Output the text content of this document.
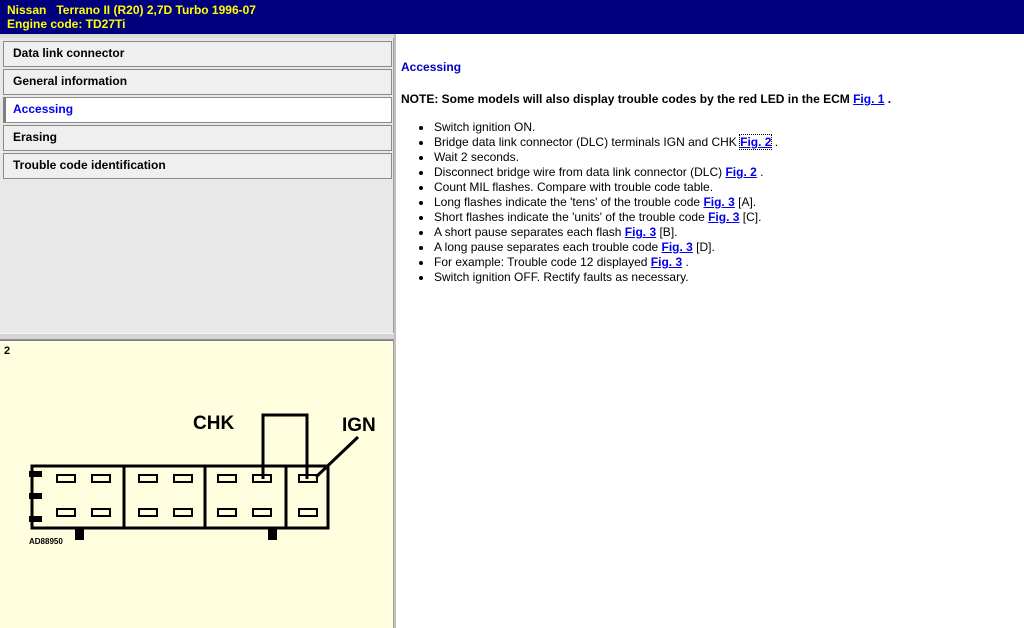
Nissan   Terrano II (R20) 2,7D Turbo 1996-07
Engine code: TD27Ti
Data link connector
General information
Accessing
Erasing
Trouble code identification
2
CHK	IGN
AD88950
Accessing
NOTE: Some models will also display trouble codes by the red LED in the ECM Fig. 1 .
Switch ignition ON.
Bridge data link connector (DLC) terminals IGN and CHK Fig. 2 .
Wait 2 seconds.
Disconnect bridge wire from data link connector (DLC) Fig. 2 .
Count MIL flashes. Compare with trouble code table.
Long flashes indicate the 'tens' of the trouble code Fig. 3 [A].
Short flashes indicate the 'units' of the trouble code Fig. 3 [C].
A short pause separates each flash Fig. 3 [B].
A long pause separates each trouble code Fig. 3 [D].
For example: Trouble code 12 displayed Fig. 3 .
Switch ignition OFF. Rectify faults as necessary.
